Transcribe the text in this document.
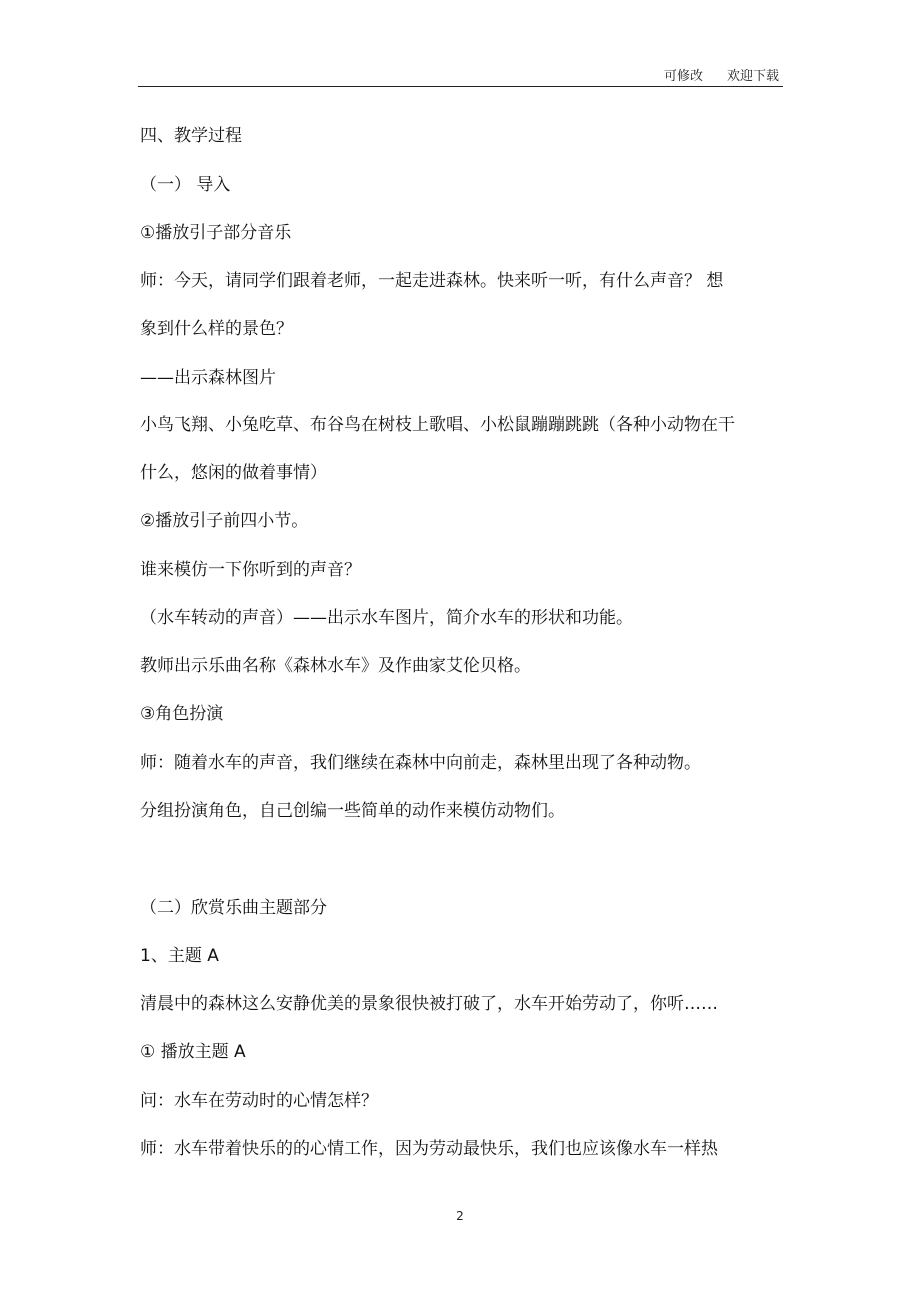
可修改 欢迎下载
四、教学过程
（一） 导入
①播放引子部分音乐
师：今天，请同学们跟着老师，一起走进森林。快来听一听，有什么声音？ 想
象到什么样的景色？
——出示森林图片
小鸟飞翔、小兔吃草、布谷鸟在树枝上歌唱、小松鼠蹦蹦跳跳（各种小动物在干
什么，悠闲的做着事情）
②播放引子前四小节。
谁来模仿一下你听到的声音？
（水车转动的声音）——出示水车图片，简介水车的形状和功能。
教师出示乐曲名称《森林水车》及作曲家艾伦贝格。
③角色扮演
师：随着水车的声音，我们继续在森林中向前走，森林里出现了各种动物。
分组扮演角色，自己创编一些简单的动作来模仿动物们。
（二）欣赏乐曲主题部分
1、主题 A
清晨中的森林这么安静优美的景象很快被打破了，水车开始劳动了，你听……
① 播放主题 A
问：水车在劳动时的心情怎样？
师：水车带着快乐的的心情工作，因为劳动最快乐，我们也应该像水车一样热
2
